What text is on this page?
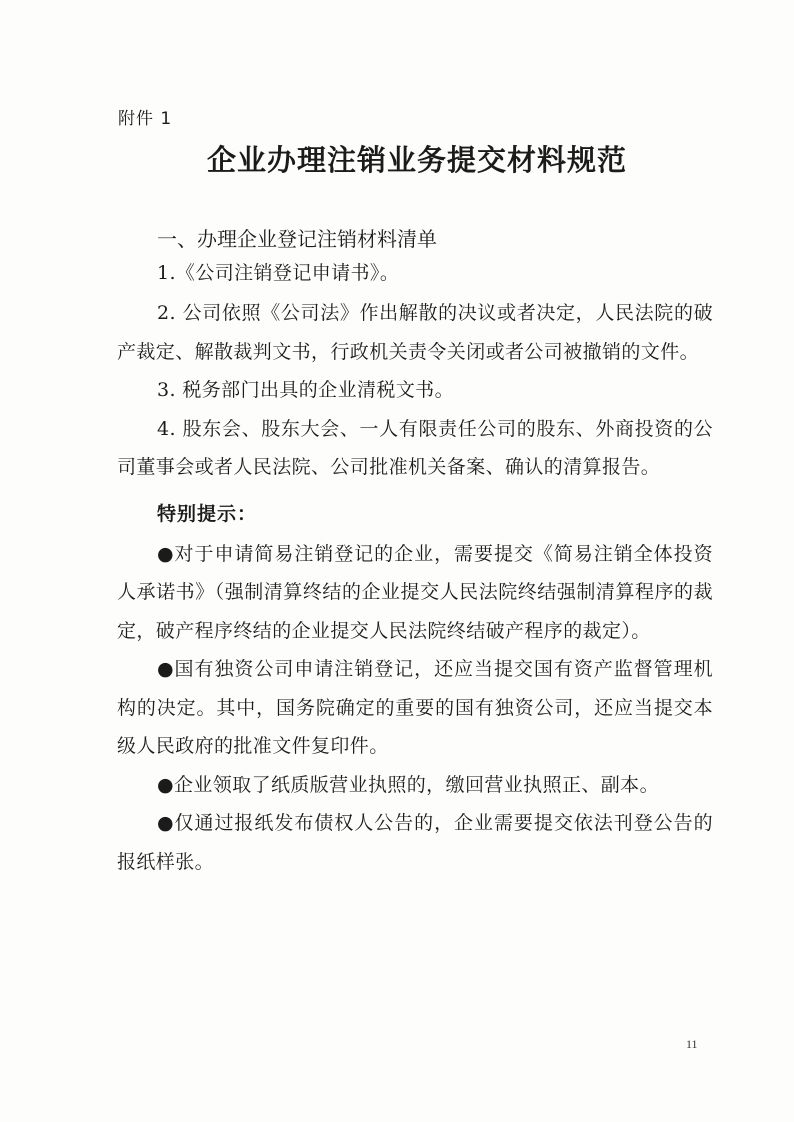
附件 1
企业办理注销业务提交材料规范

一、办理企业登记注销材料清单

1.《公司注销登记申请书》。

2. 公司依照《公司法》作出解散的决议或者决定，人民法院的破产裁定、解散裁判文书，行政机关责令关闭或者公司被撤销的文件。

3. 税务部门出具的企业清税文书。

4. 股东会、股东大会、一人有限责任公司的股东、外商投资的公司董事会或者人民法院、公司批准机关备案、确认的清算报告。

特别提示：

●对于申请简易注销登记的企业，需要提交《简易注销全体投资人承诺书》（强制清算终结的企业提交人民法院终结强制清算程序的裁定，破产程序终结的企业提交人民法院终结破产程序的裁定）。

●国有独资公司申请注销登记，还应当提交国有资产监督管理机构的决定。其中，国务院确定的重要的国有独资公司，还应当提交本级人民政府的批准文件复印件。

●企业领取了纸质版营业执照的，缴回营业执照正、副本。

●仅通过报纸发布债权人公告的，企业需要提交依法刊登公告的报纸样张。

11
